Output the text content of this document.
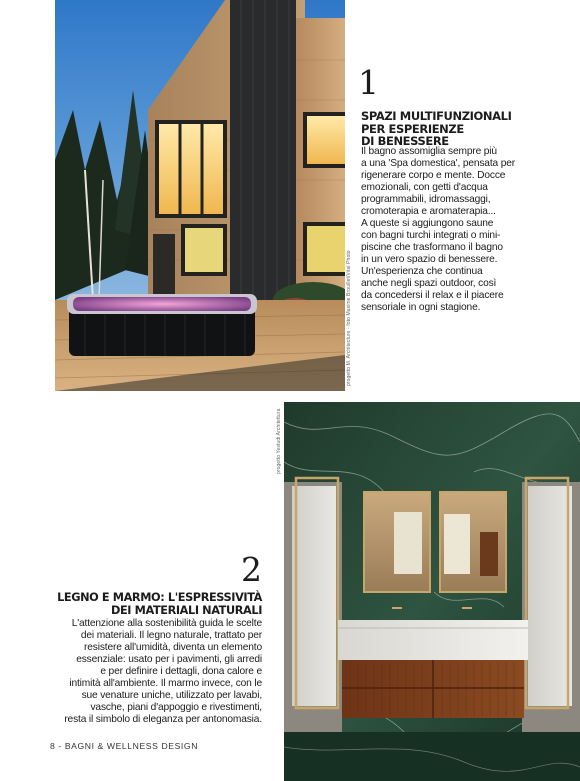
1
SPAZI MULTIFUNZIONALI
PER ESPERIENZE
DI BENESSERE
Il bagno assomiglia sempre più
a una 'Spa domestica', pensata per
rigenerare corpo e mente. Docce
emozionali, con getti d'acqua
programmabili, idromassaggi,
cromoterapia e aromaterapia...
A queste si aggiungono saune
con bagni turchi integrati o mini-
piscine che trasformano il bagno
in un vero spazio di benessere.
Un'esperienza che continua
anche negli spazi outdoor, così
da concedersi il relax e il piacere
sensoriale in ogni stagione.
progetto M. Architecture - foto Maxime Brouillet/Vital Photo
progetto Yestudi Architettura
2
LEGNO E MARMO: L'ESPRESSIVITÀ
DEI MATERIALI NATURALI
L'attenzione alla sostenibilità guida le scelte
dei materiali. Il legno naturale, trattato per
resistere all'umidità, diventa un elemento
essenziale: usato per i pavimenti, gli arredi
e per definire i dettagli, dona calore e
intimità all'ambiente. Il marmo invece, con le
sue venature uniche, utilizzato per lavabi,
vasche, piani d'appoggio e rivestimenti,
resta il simbolo di eleganza per antonomasia.
8 - BAGNI & WELLNESS DESIGN
